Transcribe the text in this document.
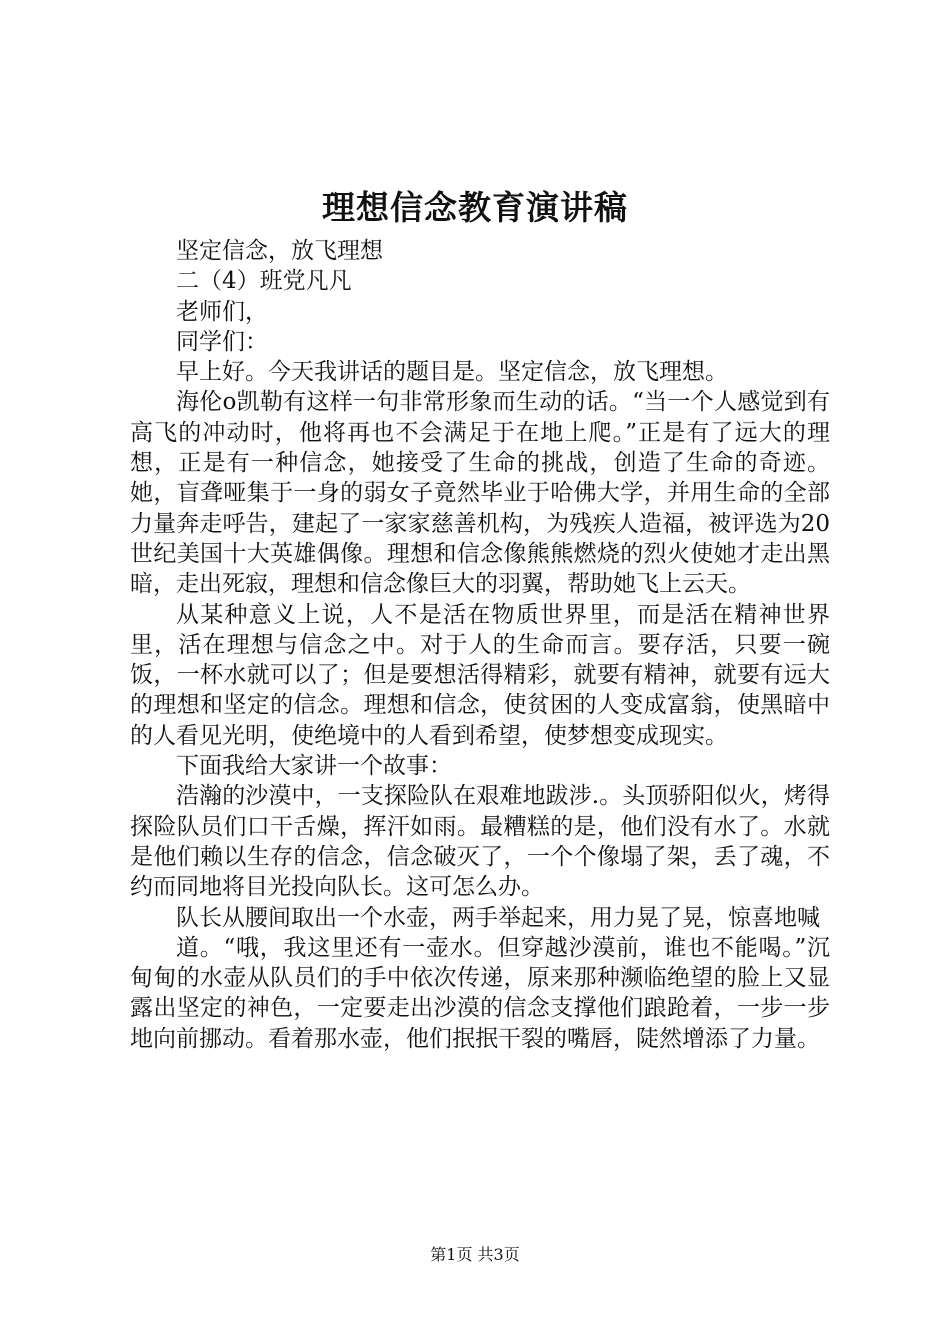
理想信念教育演讲稿

坚定信念，放飞理想

二（4）班党凡凡

老师们，

同学们：

早上好。今天我讲话的题目是。坚定信念，放飞理想。

海伦o凯勒有这样一句非常形象而生动的话。“当一个人感觉到有高飞的冲动时，他将再也不会满足于在地上爬。”正是有了远大的理想，正是有一种信念，她接受了生命的挑战，创造了生命的奇迹。她，盲聋哑集于一身的弱女子竟然毕业于哈佛大学，并用生命的全部力量奔走呼告，建起了一家家慈善机构，为残疾人造福，被评选为20世纪美国十大英雄偶像。理想和信念像熊熊燃烧的烈火使她才走出黑暗，走出死寂，理想和信念像巨大的羽翼，帮助她飞上云天。

从某种意义上说，人不是活在物质世界里，而是活在精神世界里，活在理想与信念之中。对于人的生命而言。要存活，只要一碗饭，一杯水就可以了；但是要想活得精彩，就要有精神，就要有远大的理想和坚定的信念。理想和信念，使贫困的人变成富翁，使黑暗中的人看见光明，使绝境中的人看到希望，使梦想变成现实。

下面我给大家讲一个故事：

浩瀚的沙漠中，一支探险队在艰难地跋涉.。头顶骄阳似火，烤得探险队员们口干舌燥，挥汗如雨。最糟糕的是，他们没有水了。水就是他们赖以生存的信念，信念破灭了，一个个像塌了架，丢了魂，不约而同地将目光投向队长。这可怎么办。

队长从腰间取出一个水壶，两手举起来，用力晃了晃，惊喜地喊

道。“哦，我这里还有一壶水。但穿越沙漠前，谁也不能喝。”沉甸甸的水壶从队员们的手中依次传递，原来那种濒临绝望的脸上又显露出坚定的神色，一定要走出沙漠的信念支撑他们踉跄着，一步一步地向前挪动。看着那水壶，他们抿抿干裂的嘴唇，陡然增添了力量。

第1页 共3页
